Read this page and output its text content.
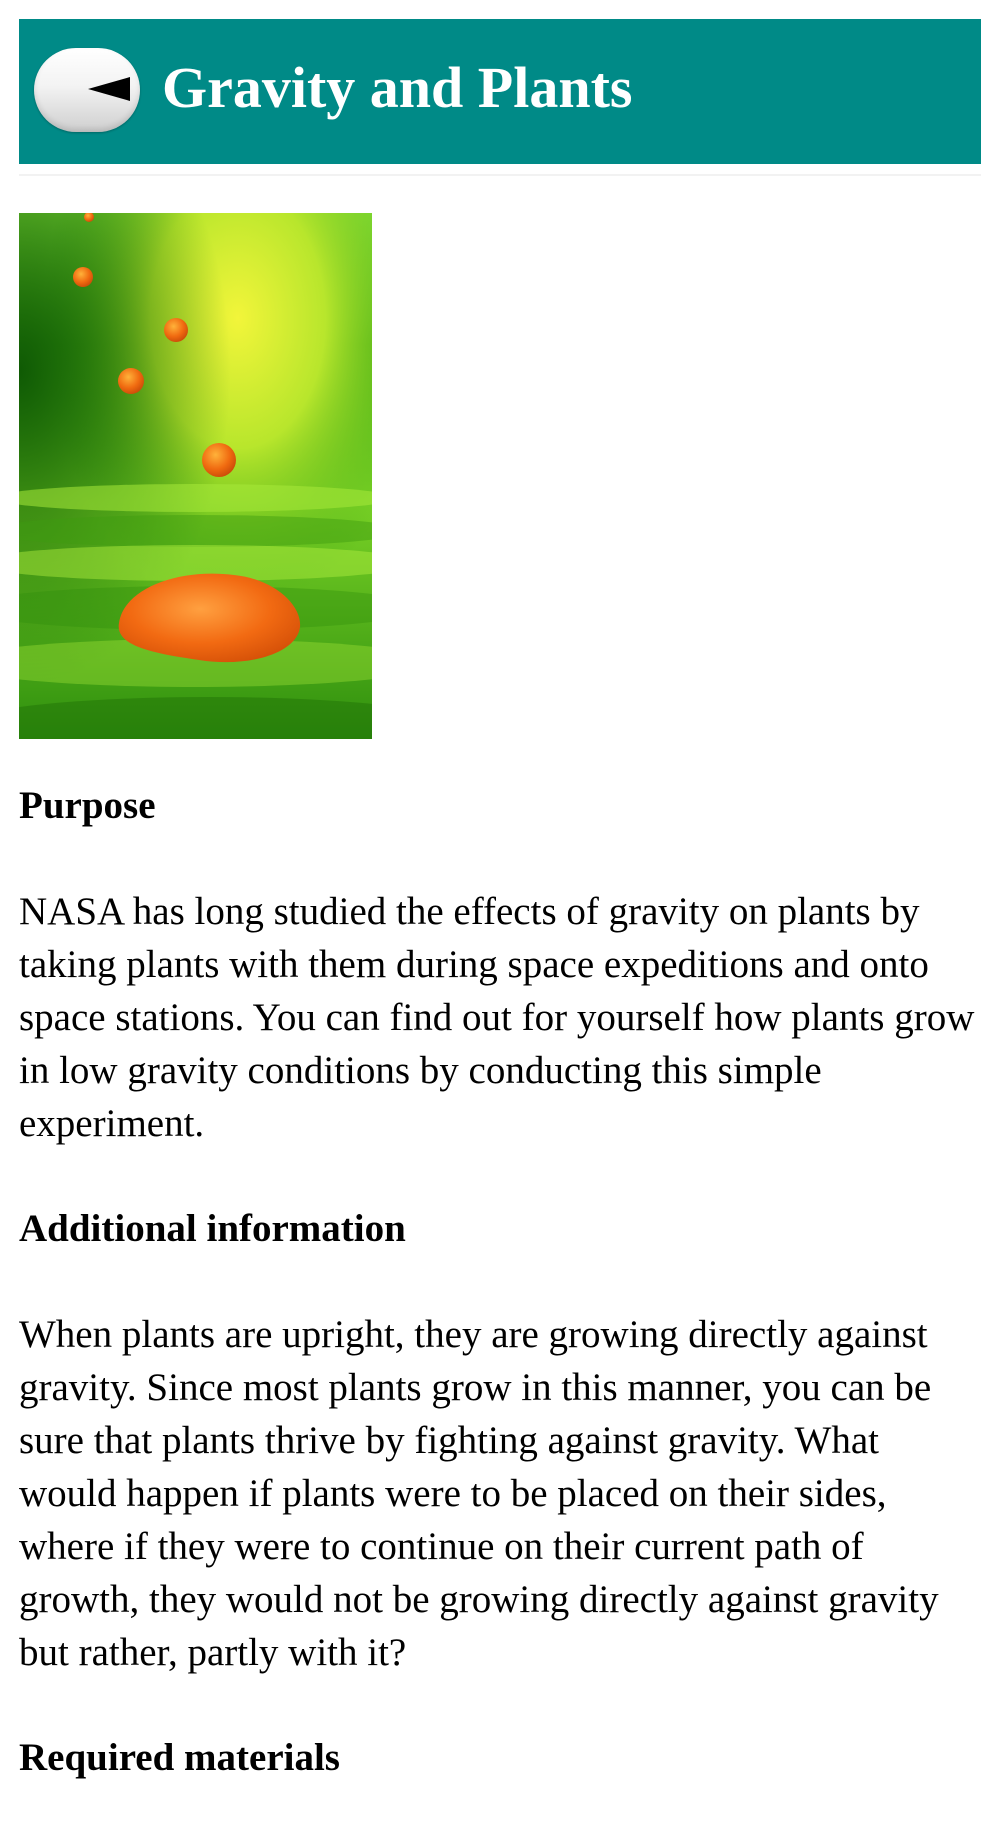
Gravity and Plants
Purpose

NASA has long studied the effects of gravity on plants by taking plants with them during space expeditions and onto space stations. You can find out for yourself how plants grow in low gravity conditions by conducting this simple experiment.

Additional information

When plants are upright, they are growing directly against gravity. Since most plants grow in this manner, you can be sure that plants thrive by fighting against gravity. What would happen if plants were to be placed on their sides, where if they were to continue on their current path of growth, they would not be growing directly against gravity but rather, partly with it?

Required materials
